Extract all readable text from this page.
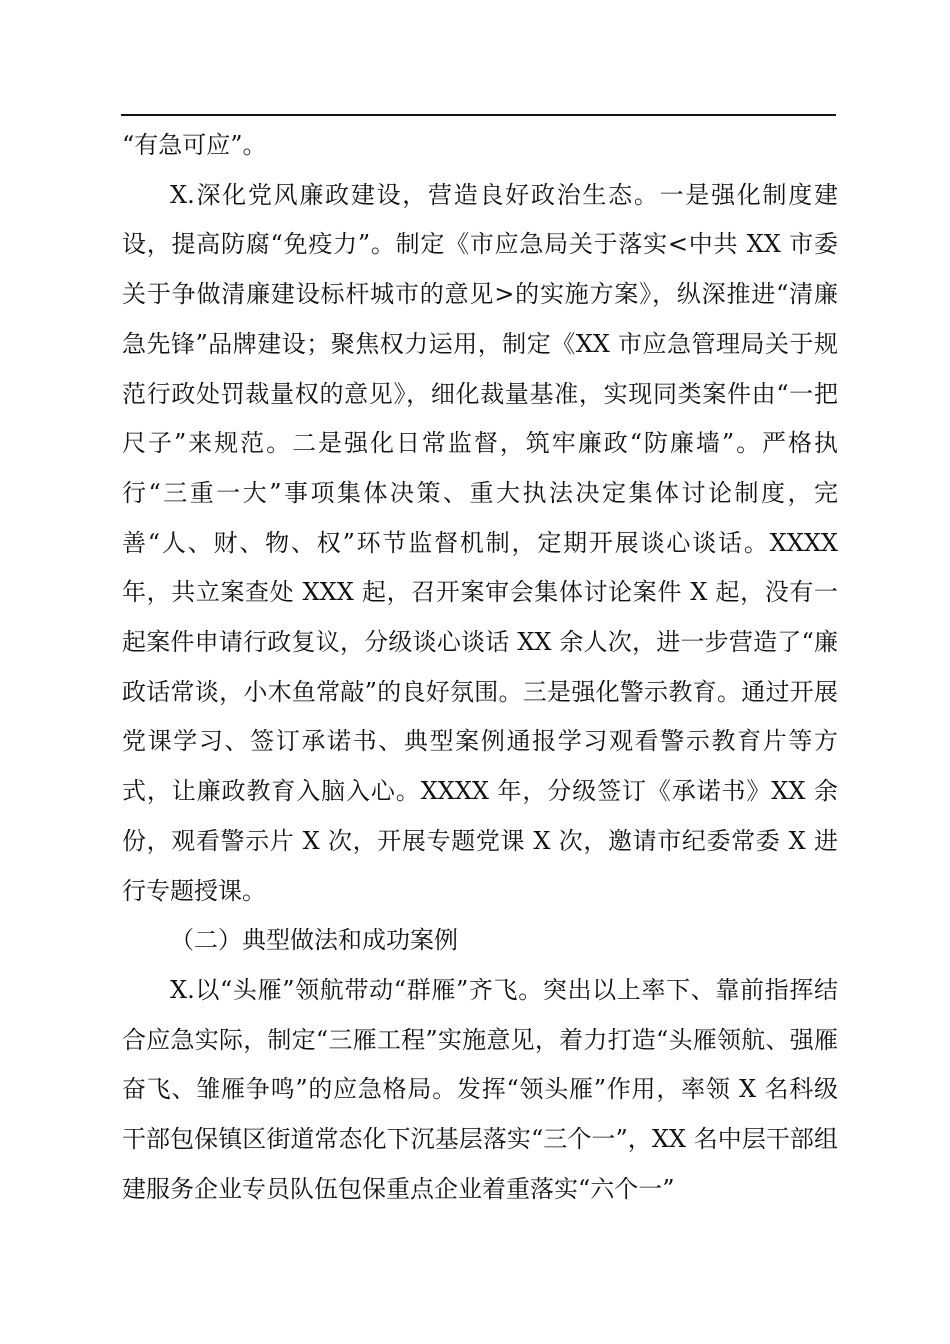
“有急可应”。

X.深化党风廉政建设，营造良好政治生态。一是强化制度建设，提高防腐“免疫力”。制定《市应急局关于落实<中共 XX 市委关于争做清廉建设标杆城市的意见>的实施方案》，纵深推进“清廉急先锋”品牌建设；聚焦权力运用，制定《XX 市应急管理局关于规范行政处罚裁量权的意见》，细化裁量基准，实现同类案件由“一把尺子”来规范。二是强化日常监督，筑牢廉政“防廉墙”。严格执行“三重一大”事项集体决策、重大执法决定集体讨论制度，完善“人、财、物、权”环节监督机制，定期开展谈心谈话。XXXX 年，共立案查处 XXX 起，召开案审会集体讨论案件 X 起，没有一起案件申请行政复议，分级谈心谈话 XX 余人次，进一步营造了“廉政话常谈，小木鱼常敲”的良好氛围。三是强化警示教育。通过开展党课学习、签订承诺书、典型案例通报学习观看警示教育片等方式，让廉政教育入脑入心。XXXX 年，分级签订《承诺书》XX 余份，观看警示片 X 次，开展专题党课 X 次，邀请市纪委常委 X 进行专题授课。

（二）典型做法和成功案例

X.以“头雁”领航带动“群雁”齐飞。突出以上率下、靠前指挥结合应急实际，制定“三雁工程”实施意见，着力打造“头雁领航、强雁奋飞、雏雁争鸣”的应急格局。发挥“领头雁”作用，率领 X 名科级干部包保镇区街道常态化下沉基层落实“三个一”，XX 名中层干部组建服务企业专员队伍包保重点企业着重落实“六个一”
